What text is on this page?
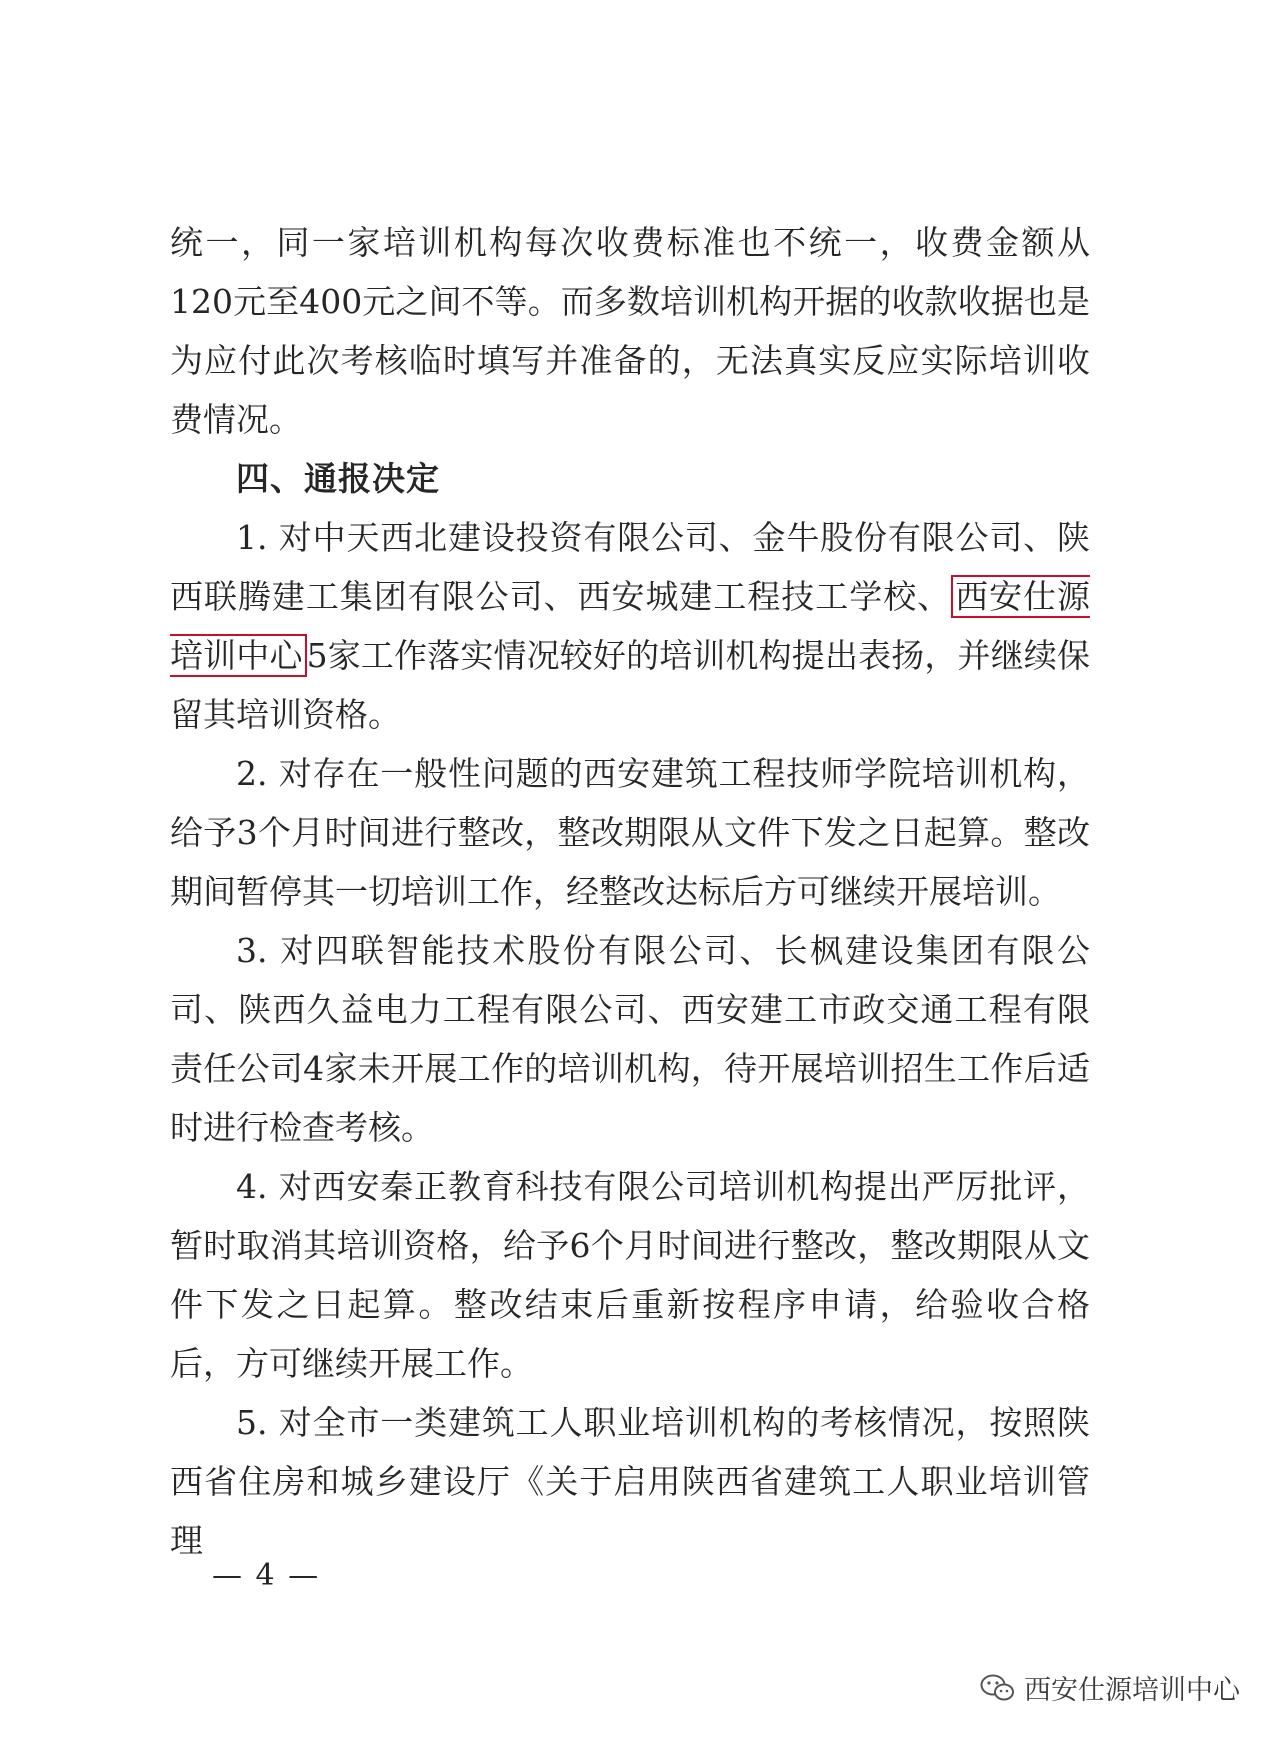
统一，同一家培训机构每次收费标准也不统一，收费金额从120元至400元之间不等。而多数培训机构开据的收款收据也是为应付此次考核临时填写并准备的，无法真实反应实际培训收费情况。

四、通报决定

1. 对中天西北建设投资有限公司、金牛股份有限公司、陕西联腾建工集团有限公司、西安城建工程技工学校、 西安仕源培训中心 5家工作落实情况较好的培训机构提出表扬，并继续保留其培训资格。

2. 对存在一般性问题的西安建筑工程技师学院培训机构，给予3个月时间进行整改，整改期限从文件下发之日起算。整改期间暂停其一切培训工作，经整改达标后方可继续开展培训。

3. 对四联智能技术股份有限公司、长枫建设集团有限公司、陕西久益电力工程有限公司、西安建工市政交通工程有限责任公司4家未开展工作的培训机构，待开展培训招生工作后适时进行检查考核。

4. 对西安秦正教育科技有限公司培训机构提出严厉批评，暂时取消其培训资格，给予6个月时间进行整改，整改期限从文件下发之日起算。整改结束后重新按程序申请，给验收合格后，方可继续开展工作。

5. 对全市一类建筑工人职业培训机构的考核情况，按照陕西省住房和城乡建设厅《关于启用陕西省建筑工人职业培训管理

— 4 —
西安仕源培训中心
